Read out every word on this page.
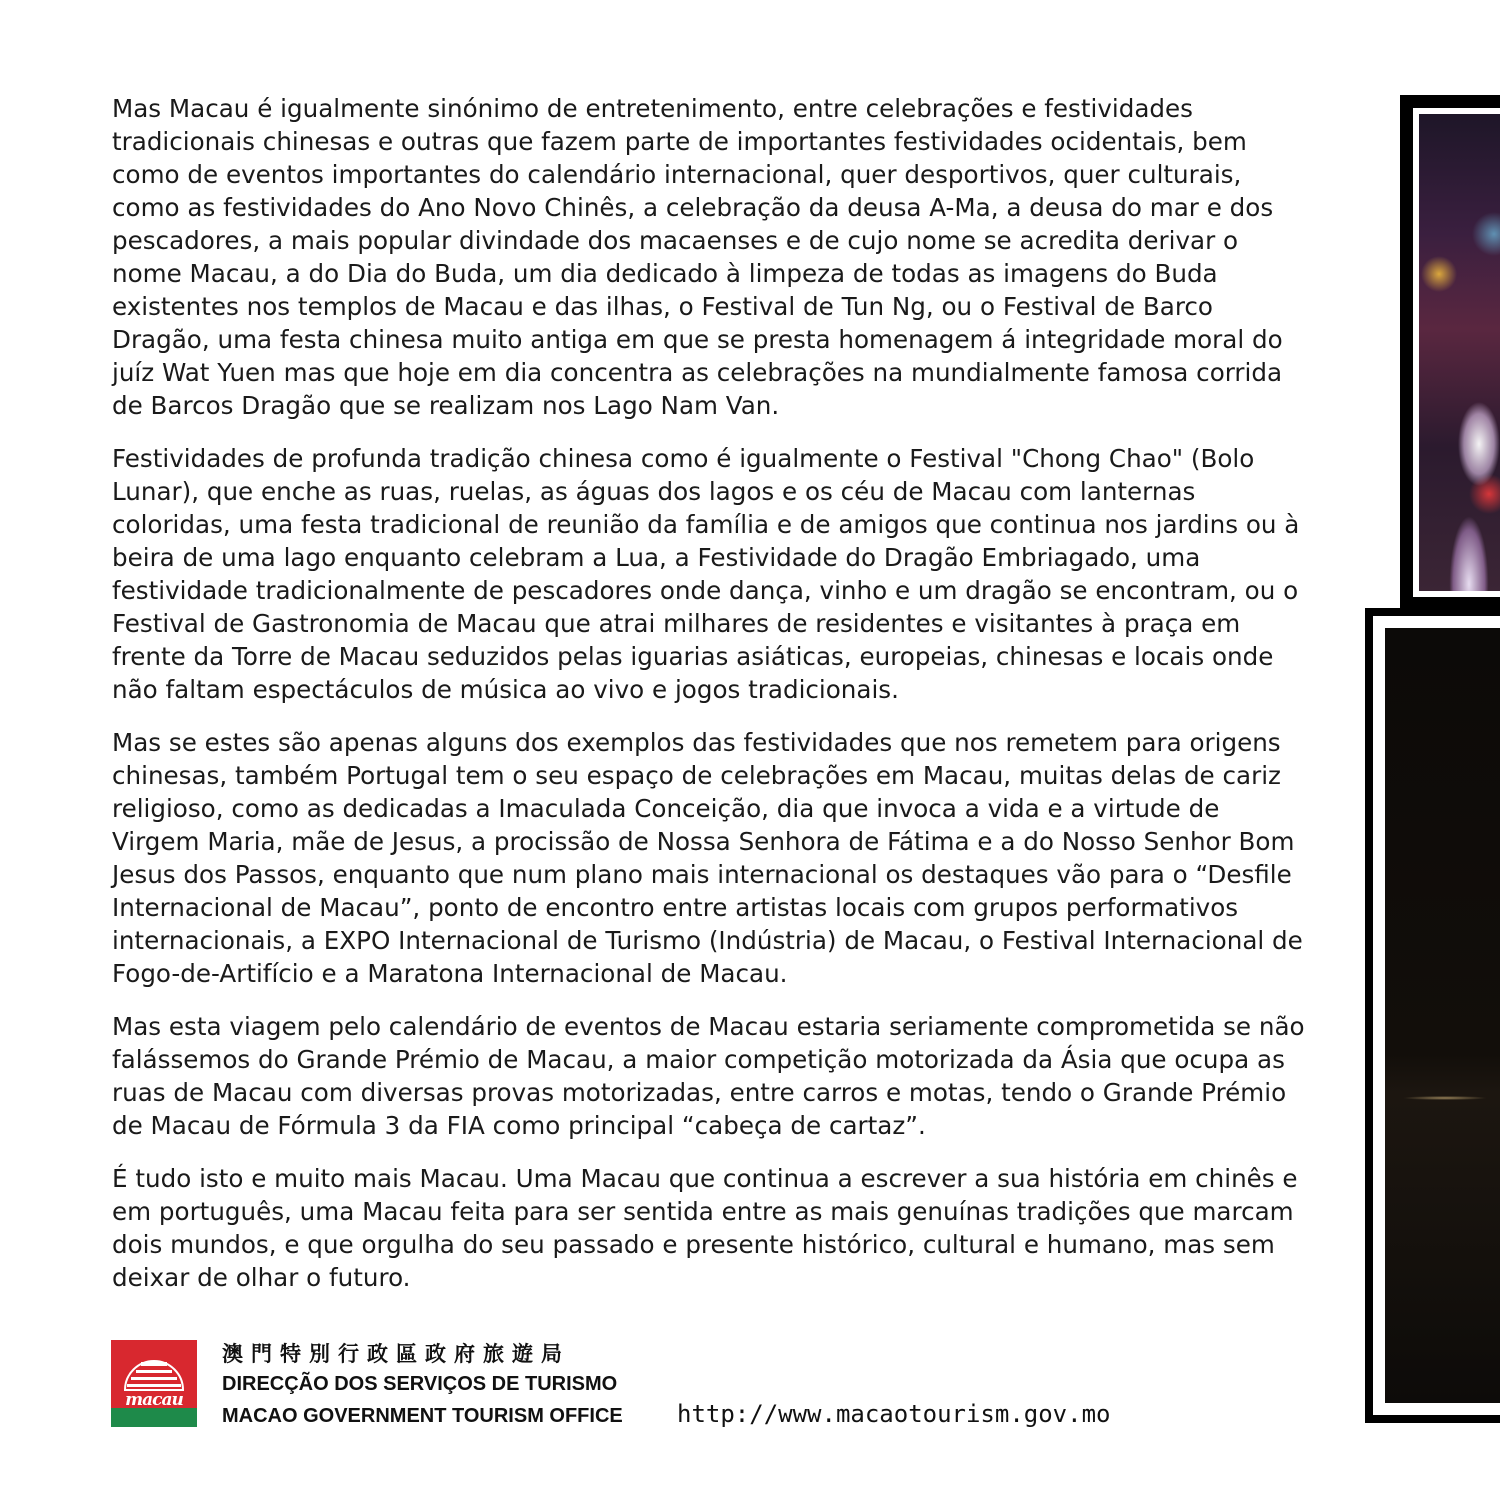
Mas Macau é igualmente sinónimo de entretenimento, entre celebrações e festividades tradicionais chinesas e outras que fazem parte de importantes festividades ocidentais, bem como de eventos importantes do calendário internacional, quer desportivos, quer culturais, como as festividades do Ano Novo Chinês, a celebração da deusa A-Ma, a deusa do mar e dos pescadores, a mais popular divindade dos macaenses e de cujo nome se acredita derivar o nome Macau, a do Dia do Buda, um dia dedicado à limpeza de todas as imagens do Buda existentes nos templos de Macau e das ilhas, o Festival de Tun Ng, ou o Festival de Barco Dragão, uma festa chinesa muito antiga em que se presta homenagem á integridade moral do juíz Wat Yuen mas que hoje em dia concentra as celebrações na mundialmente famosa corrida de Barcos Dragão que se realizam nos Lago Nam Van.

Festividades de profunda tradição chinesa como é igualmente o Festival "Chong Chao" (Bolo Lunar), que enche as ruas, ruelas, as águas dos lagos e os céu de Macau com lanternas coloridas, uma festa tradicional de reunião da família e de amigos que continua nos jardins ou à beira de uma lago enquanto celebram a Lua, a Festividade do Dragão Embriagado, uma festividade tradicionalmente de pescadores onde dança, vinho e um dragão se encontram, ou o Festival de Gastronomia de Macau que atrai milhares de residentes e visitantes à praça em frente da Torre de Macau seduzidos pelas iguarias asiáticas, europeias, chinesas e locais onde não faltam espectáculos de música ao vivo e jogos tradicionais.

Mas se estes são apenas alguns dos exemplos das festividades que nos remetem para origens chinesas, também Portugal tem o seu espaço de celebrações em Macau, muitas delas de cariz religioso, como as dedicadas a Imaculada Conceição, dia que invoca a vida e a virtude de Virgem Maria, mãe de Jesus, a procissão de Nossa Senhora de Fátima e a do Nosso Senhor Bom Jesus dos Passos, enquanto que num plano mais internacional os destaques vão para o “Desfile Internacional de Macau”, ponto de encontro entre artistas locais com grupos performativos internacionais, a EXPO Internacional de Turismo (Indústria) de Macau, o Festival Internacional de Fogo-de-Artifício e a Maratona Internacional de Macau.

Mas esta viagem pelo calendário de eventos de Macau estaria seriamente comprometida se não falássemos do Grande Prémio de Macau, a maior competição motorizada da Ásia que ocupa as ruas de Macau com diversas provas motorizadas, entre carros e motas, tendo o Grande Prémio de Macau de Fórmula 3 da FIA como principal “cabeça de cartaz”.

É tudo isto e muito mais Macau. Uma Macau que continua a escrever a sua história em chinês e em português, uma Macau feita para ser sentida entre as mais genuínas tradições que marcam dois mundos, e que orgulha do seu passado e presente histórico, cultural e humano, mas sem deixar de olhar o futuro.

macau
澳門特別行政區政府旅遊局
DIRECÇÃO DOS SERVIÇOS DE TURISMO
MACAO GOVERNMENT TOURISM OFFICE http://www.macaotourism.gov.mo
